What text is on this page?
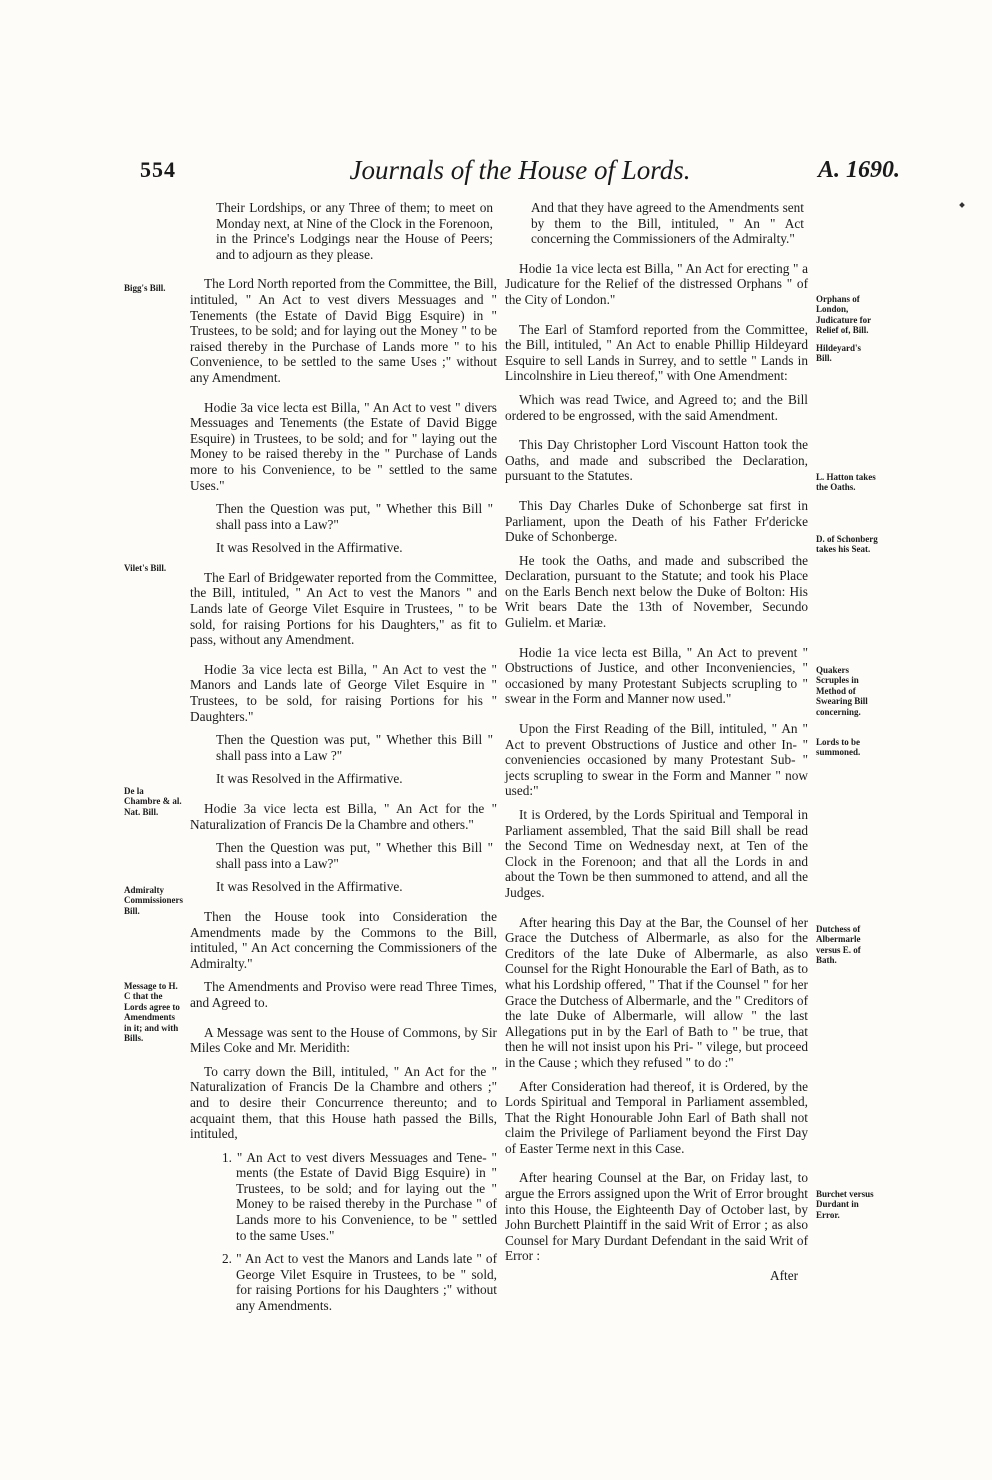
554	Journals of the House of Lords.	A. 1690.

Their Lordships, or any Three of them; to meet on Monday next, at Nine of the Clock in the Forenoon, in the Prince's Lodgings near the House of Peers; and to adjourn as they please.

The Lord North reported from the Committee, the Bill, intituled, " An Act to vest divers Messuages and " Tenements (the Estate of David Bigg Esquire) in " Trustees, to be sold; and for laying out the Money " to be raised thereby in the Purchase of Lands more " to his Convenience, to be settled to the same Uses ;" without any Amendment.

Hodie 3a vice lecta est Billa, " An Act to vest " divers Messuages and Tenements (the Estate of David Bigge Esquire) in Trustees, to be sold; and for " laying out the Money to be raised thereby in the " Purchase of Lands more to his Convenience, to be " settled to the same Uses."

Then the Question was put, " Whether this Bill " shall pass into a Law?"

It was Resolved in the Affirmative.

The Earl of Bridgewater reported from the Committee, the Bill, intituled, " An Act to vest the Manors " and Lands late of George Vilet Esquire in Trustees, " to be sold, for raising Portions for his Daughters," as fit to pass, without any Amendment.

Hodie 3a vice lecta est Billa, " An Act to vest the " Manors and Lands late of George Vilet Esquire in " Trustees, to be sold, for raising Portions for his " Daughters."

Then the Question was put, " Whether this Bill " shall pass into a Law ?"

It was Resolved in the Affirmative.

Hodie 3a vice lecta est Billa, " An Act for the " Naturalization of Francis De la Chambre and others."

Then the Question was put, " Whether this Bill " shall pass into a Law?"

It was Resolved in the Affirmative.

Then the House took into Consideration the Amendments made by the Commons to the Bill, intituled, " An Act concerning the Commissioners of the Admiralty."

The Amendments and Proviso were read Three Times, and Agreed to.

A Message was sent to the House of Commons, by Sir Miles Coke and Mr. Meridith:

To carry down the Bill, intituled, " An Act for the " Naturalization of Francis De la Chambre and others ;" and to desire their Concurrence thereunto; and to acquaint them, that this House hath passed the Bills, intituled,

1. " An Act to vest divers Messuages and Tene- " ments (the Estate of David Bigg Esquire) in " Trustees, to be sold; and for laying out the " Money to be raised thereby in the Purchase " of Lands more to his Convenience, to be " settled to the same Uses."

2. " An Act to vest the Manors and Lands late " of George Vilet Esquire in Trustees, to be " sold, for raising Portions for his Daughters ;" without any Amendments.

And that they have agreed to the Amendments sent by them to the Bill, intituled, " An " Act concerning the Commissioners of the Admiralty."

Hodie 1a vice lecta est Billa, " An Act for erecting " a Judicature for the Relief of the distressed Orphans " of the City of London."

The Earl of Stamford reported from the Committee, the Bill, intituled, " An Act to enable Phillip Hildeyard Esquire to sell Lands in Surrey, and to settle " Lands in Lincolnshire in Lieu thereof," with One Amendment:

Which was read Twice, and Agreed to; and the Bill ordered to be engrossed, with the said Amendment.

This Day Christopher Lord Viscount Hatton took the Oaths, and made and subscribed the Declaration, pursuant to the Statutes.

This Day Charles Duke of Schonberge sat first in Parliament, upon the Death of his Father Fr'dericke Duke of Schonberge.

He took the Oaths, and made and subscribed the Declaration, pursuant to the Statute; and took his Place on the Earls Bench next below the Duke of Bolton: His Writ bears Date the 13th of November, Secundo Gulielm. et Mariæ.

Hodie 1a vice lecta est Billa, " An Act to prevent " Obstructions of Justice, and other Inconveniencies, " occasioned by many Protestant Subjects scrupling to " swear in the Form and Manner now used."

Upon the First Reading of the Bill, intituled, " An " Act to prevent Obstructions of Justice and other In- " conveniencies occasioned by many Protestant Sub- " jects scrupling to swear in the Form and Manner " now used:"

It is Ordered, by the Lords Spiritual and Temporal in Parliament assembled, That the said Bill shall be read the Second Time on Wednesday next, at Ten of the Clock in the Forenoon; and that all the Lords in and about the Town be then summoned to attend, and all the Judges.

After hearing this Day at the Bar, the Counsel of her Grace the Dutchess of Albermarle, as also for the Creditors of the late Duke of Albermarle, as also Counsel for the Right Honourable the Earl of Bath, as to what his Lordship offered, " That if the Counsel " for her Grace the Dutchess of Albermarle, and the " Creditors of the late Duke of Albermarle, will allow " the last Allegations put in by the Earl of Bath to " be true, that then he will not insist upon his Pri- " vilege, but proceed in the Cause ; which they refused " to do :"

After Consideration had thereof, it is Ordered, by the Lords Spiritual and Temporal in Parliament assembled, That the Right Honourable John Earl of Bath shall not claim the Privilege of Parliament beyond the First Day of Easter Terme next in this Case.

After hearing Counsel at the Bar, on Friday last, to argue the Errors assigned upon the Writ of Error brought into this House, the Eighteenth Day of October last, by John Burchett Plaintiff in the said Writ of Error ; as also Counsel for Mary Durdant Defendant in the said Writ of Error :

Bigg's Bill.
Vilet's Bill.
De la Chambre & al. Nat. Bill.
Admiralty Commissioners Bill.
Message to H. C that the Lords agree to Amendments in it; and with Bills.
Orphans of London, Judicature for Relief of, Bill.
Hildeyard's Bill.
L. Hatton takes the Oaths.
D. of Schonberg takes his Seat.
Quakers Scruples in Method of Swearing Bill concerning.
Lords to be summoned.
Dutchess of Albermarle versus E. of Bath.
Burchet versus Durdant in Error.
After
